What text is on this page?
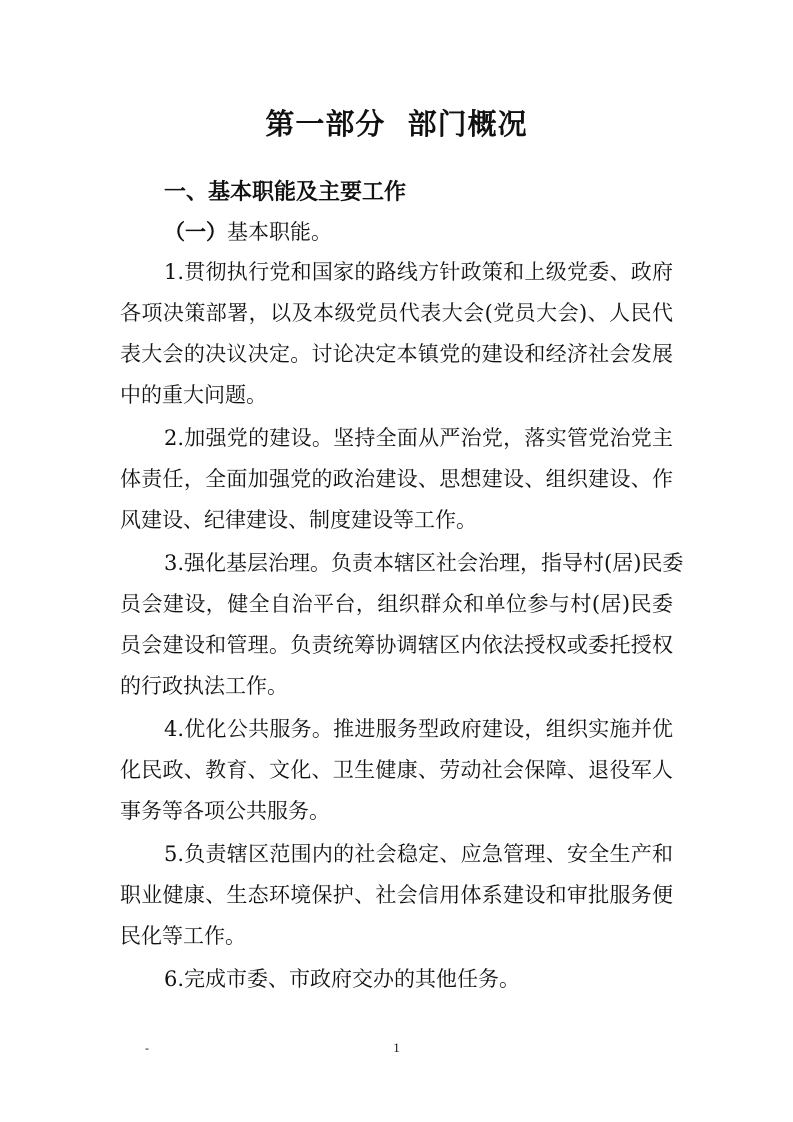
第一部分  部门概况
一、基本职能及主要工作
（一）基本职能。
1.贯彻执行党和国家的路线方针政策和上级党委、政府
各项决策部署，以及本级党员代表大会(党员大会)、人民代
表大会的决议决定。讨论决定本镇党的建设和经济社会发展
中的重大问题。
2.加强党的建设。坚持全面从严治党，落实管党治党主
体责任，全面加强党的政治建设、思想建设、组织建设、作
风建设、纪律建设、制度建设等工作。
3.强化基层治理。负责本辖区社会治理，指导村(居)民委
员会建设，健全自治平台，组织群众和单位参与村(居)民委
员会建设和管理。负责统筹协调辖区内依法授权或委托授权
的行政执法工作。
4.优化公共服务。推进服务型政府建设，组织实施并优
化民政、教育、文化、卫生健康、劳动社会保障、退役军人
事务等各项公共服务。
5.负责辖区范围内的社会稳定、应急管理、安全生产和
职业健康、生态环境保护、社会信用体系建设和审批服务便
民化等工作。
6.完成市委、市政府交办的其他任务。
-	1
